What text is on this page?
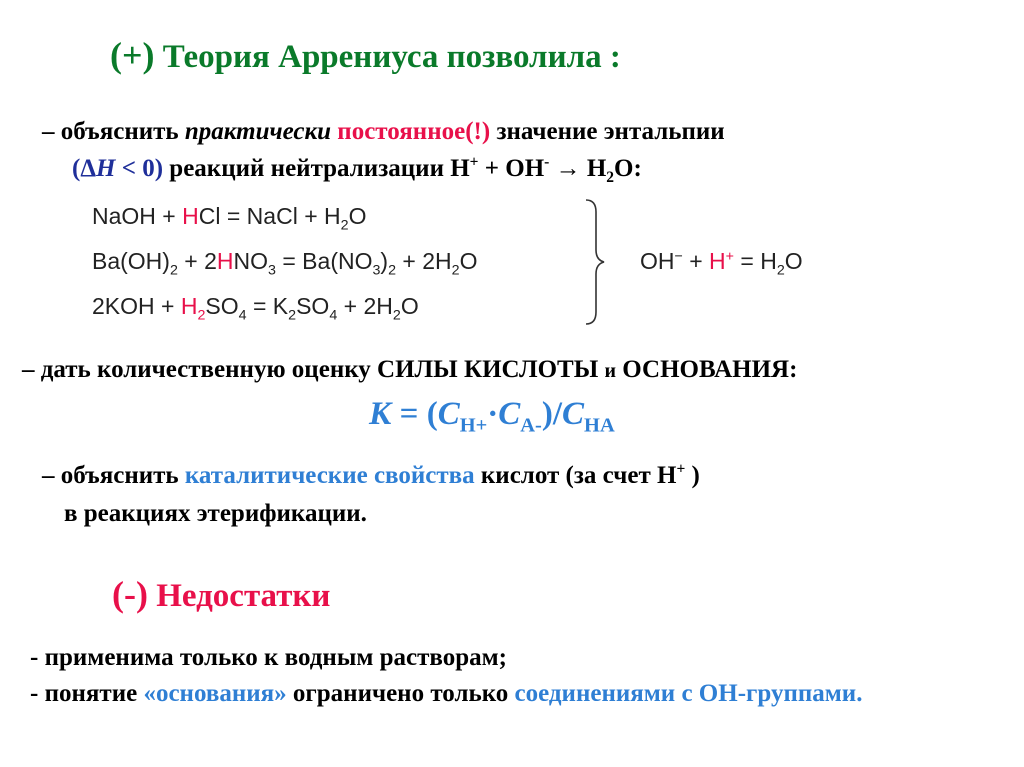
(+) Теория Аррениуса позволила :
– объяснить практически постоянное(!) значение энтальпии
(ΔH < 0) реакций нейтрализации $H^+ + OH^- \to H_2O$:
NaOH + HCl = NaCl + $H_2O$
$Ba(OH)_2 + 2HNO_3 = Ba(NO_3)_2 + 2H_2O$
$2KOH + H_2SO_4 = K_2SO_4 + 2H_2O$
$OH^- + H^+ = H_2O$
– дать количественную оценку СИЛЫ КИСЛОТЫ и ОСНОВАНИЯ:
$К = (C_{H+}\cdot C_{A-})/C_{HA}$
– объяснить каталитические свойства кислот (за счет H+ )
в реакциях этерификации.
(-) Недостатки
- применима только к водным растворам;
- понятие «основания» ограничено только соединениями с OH-группами.
